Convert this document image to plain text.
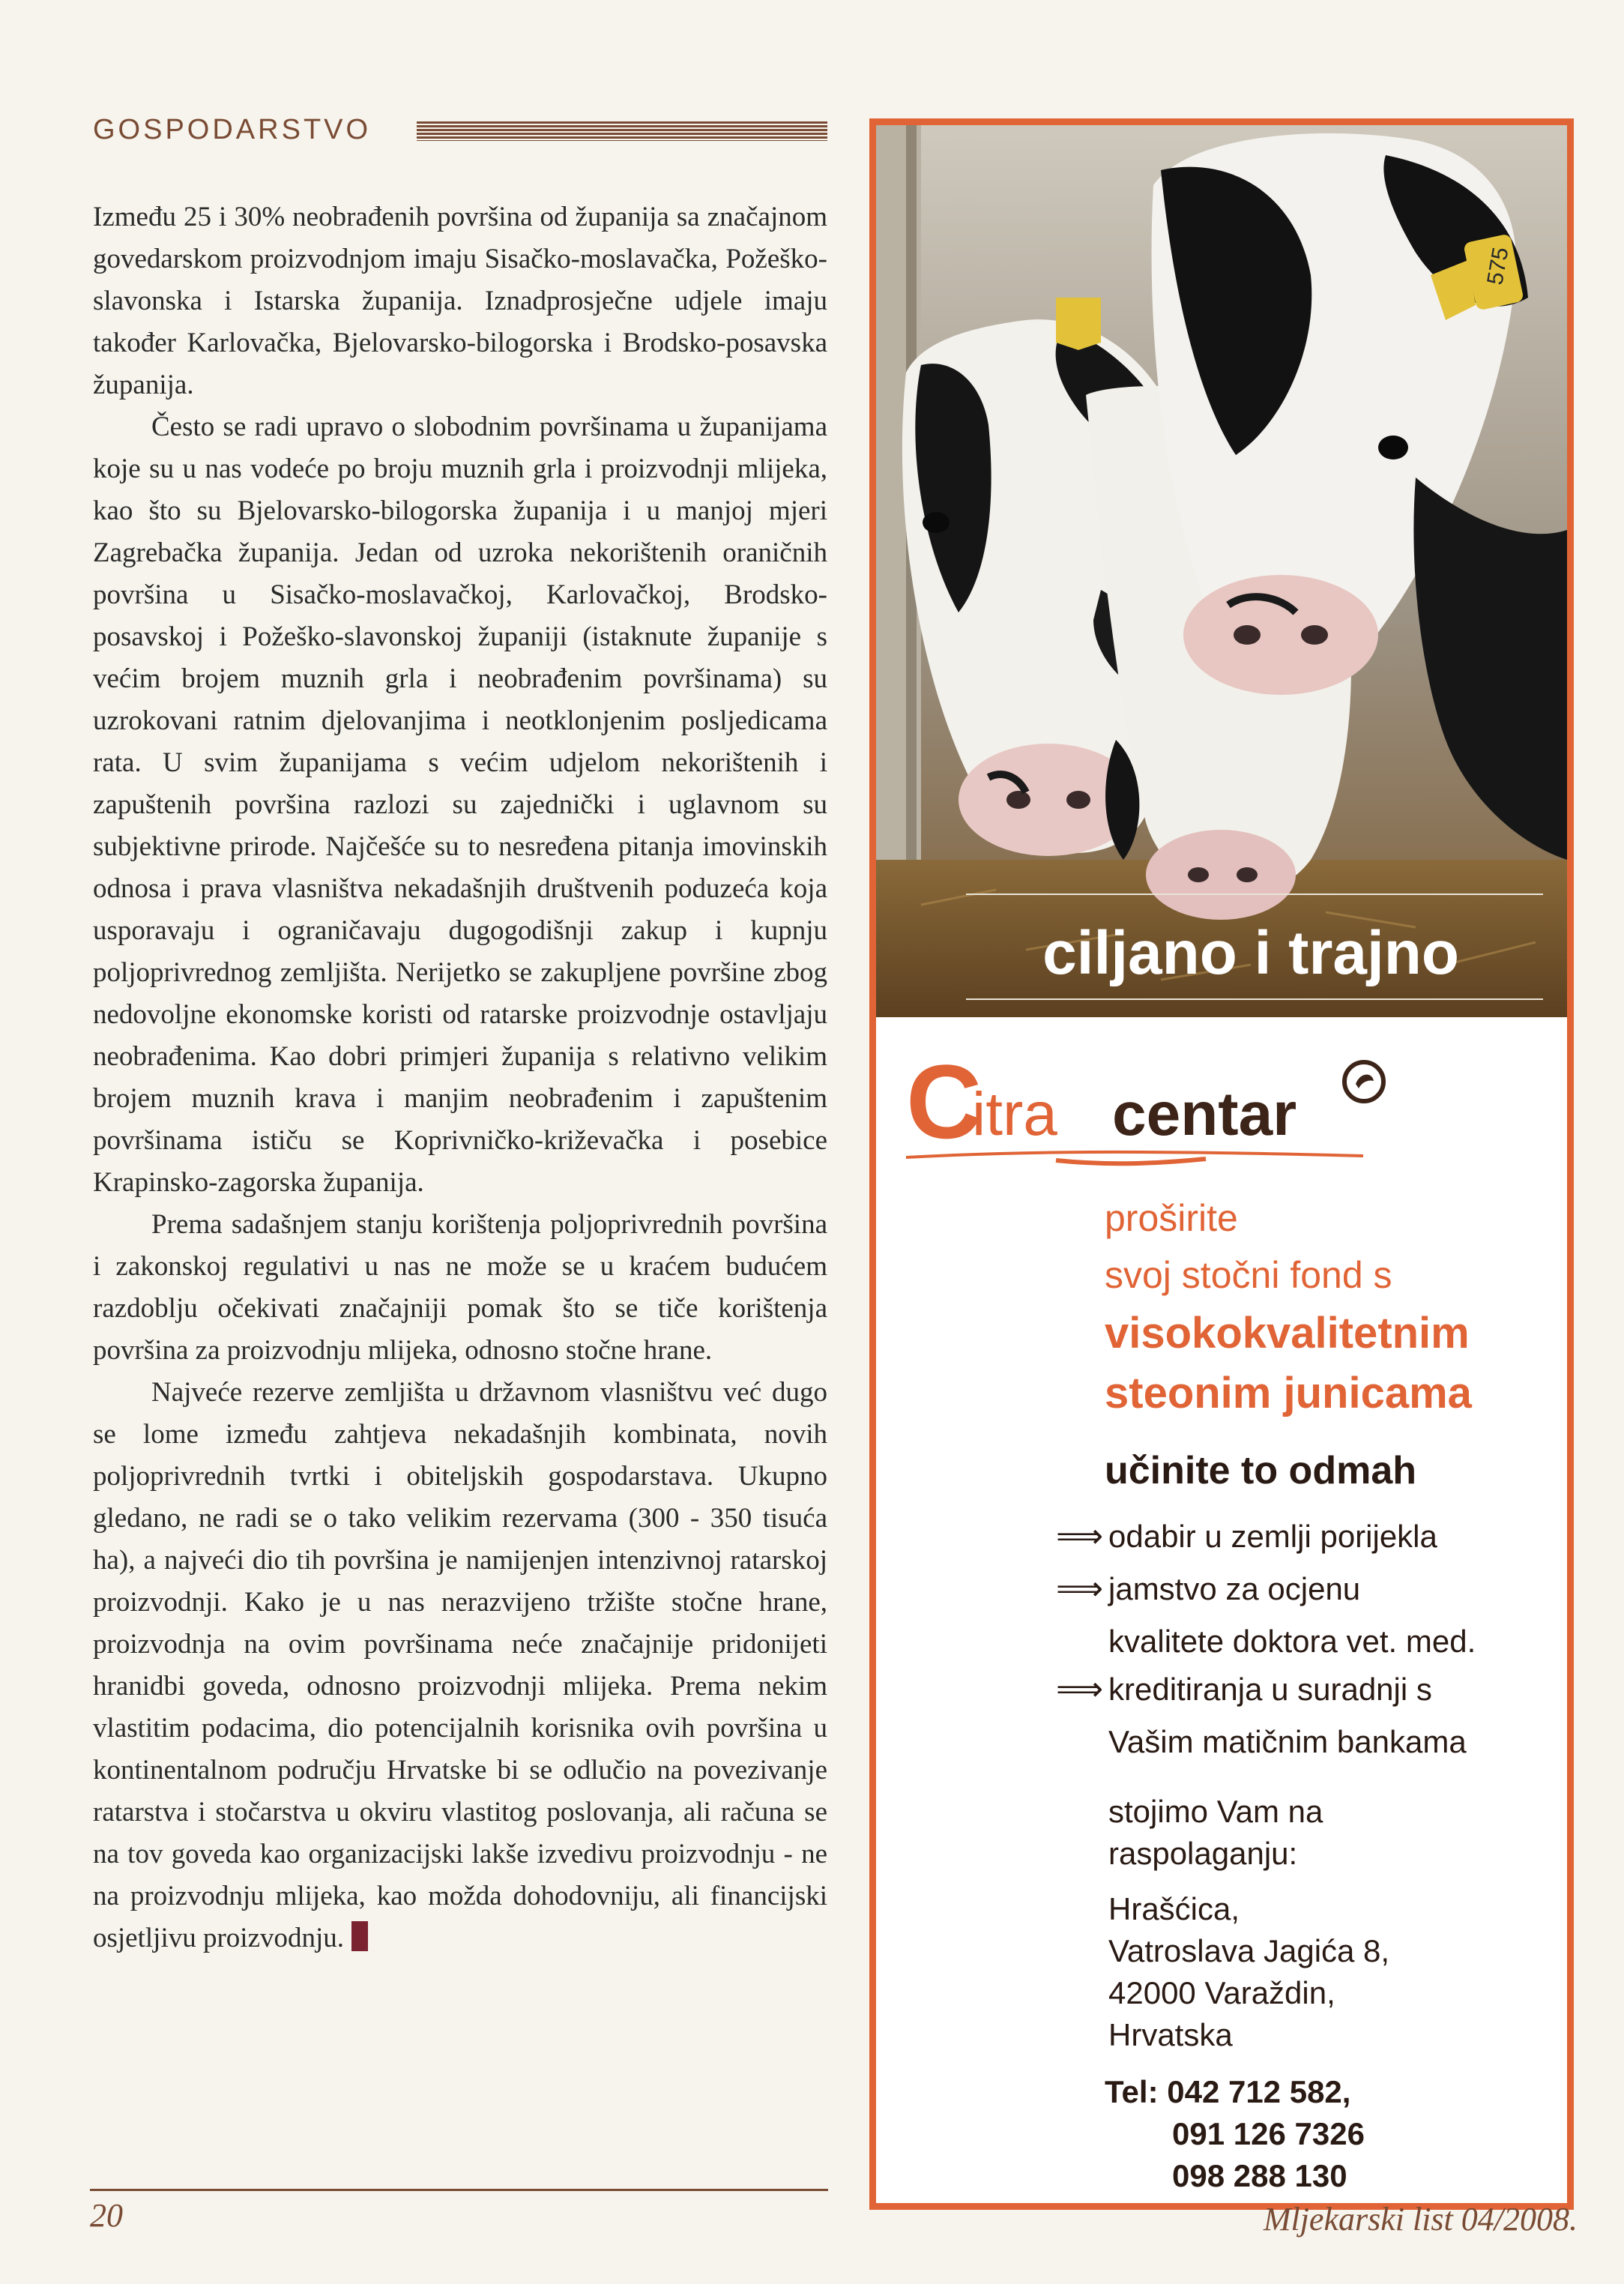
GOSPODARSTVO

Između 25 i 30% neobrađenih površina od županija sa značajnom govedarskom proizvodnjom imaju Sisačko-moslavačka, Požeško-slavonska i Istarska županija. Iznadprosječne udjele imaju također Karlovačka, Bjelovarsko-bilogorska i Brodsko-posavska županija.

Često se radi upravo o slobodnim površinama u županijama koje su u nas vodeće po broju muznih grla i proizvodnji mlijeka, kao što su Bjelovarsko-bilogorska županija i u manjoj mjeri Zagrebačka županija. Jedan od uzroka nekorištenih oraničnih površina u Sisačko-moslavačkoj, Karlovačkoj, Brodsko-posavskoj i Požeško-slavonskoj županiji (istaknute županije s većim brojem muznih grla i neobrađenim površinama) su uzrokovani ratnim djelovanjima i neotklonjenim posljedicama rata. U svim županijama s većim udjelom nekorištenih i zapuštenih površina razlozi su zajednički i uglavnom su subjektivne prirode. Najčešće su to nesređena pitanja imovinskih odnosa i prava vlasništva nekadašnjih društvenih poduzeća koja usporavaju i ograničavaju dugogodišnji zakup i kupnju poljoprivrednog zemljišta. Nerijetko se zakupljene površine zbog nedovoljne ekonomske koristi od ratarske proizvodnje ostavljaju neobrađenima. Kao dobri primjeri županija s relativno velikim brojem muznih krava i manjim neobrađenim i zapuštenim površinama ističu se Koprivničko-križevačka i posebice Krapinsko-zagorska županija.

Prema sadašnjem stanju korištenja poljoprivrednih površina i zakonskoj regulativi u nas ne može se u kraćem budućem razdoblju očekivati značajniji pomak što se tiče korištenja površina za proizvodnju mlijeka, odnosno stočne hrane.

Najveće rezerve zemljišta u državnom vlasništvu već dugo se lome između zahtjeva nekadašnjih kombinata, novih poljoprivrednih tvrtki i obiteljskih gospodarstava. Ukupno gledano, ne radi se o tako velikim rezervama (300 - 350 tisuća ha), a najveći dio tih površina je namijenjen intenzivnoj ratarskoj proizvodnji. Kako je u nas nerazvijeno tržište stočne hrane, proizvodnja na ovim površinama neće značajnije pridonijeti hranidbi goveda, odnosno proizvodnji mlijeka. Prema nekim vlastitim podacima, dio potencijalnih korisnika ovih površina u kontinentalnom području Hrvatske bi se odlučio na povezivanje ratarstva i stočarstva u okviru vlastitog poslovanja, ali računa se na tov goveda kao organizacijski lakše izvedivu proizvodnju - ne na proizvodnju mlijeka, kao možda dohodovniju, ali financijski osjetljivu proizvodnju.

575
ciljano i trajno
C
itra centar
proširite
svoj stočni fond s
visokokvalitetnim
steonim junicama
učinite to odmah
⟹ odabir u zemlji porijekla
⟹ jamstvo za ocjenu
kvalitete doktora vet. med.
⟹ kreditiranja u suradnji s
Vašim matičnim bankama
stojimo Vam na
raspolaganju:
Hrašćica,
Vatroslava Jagića 8,
42000 Varaždin,
Hrvatska
Tel: 042 712 582,
091 126 7326
098 288 130
20	Mljekarski list 04/2008.
